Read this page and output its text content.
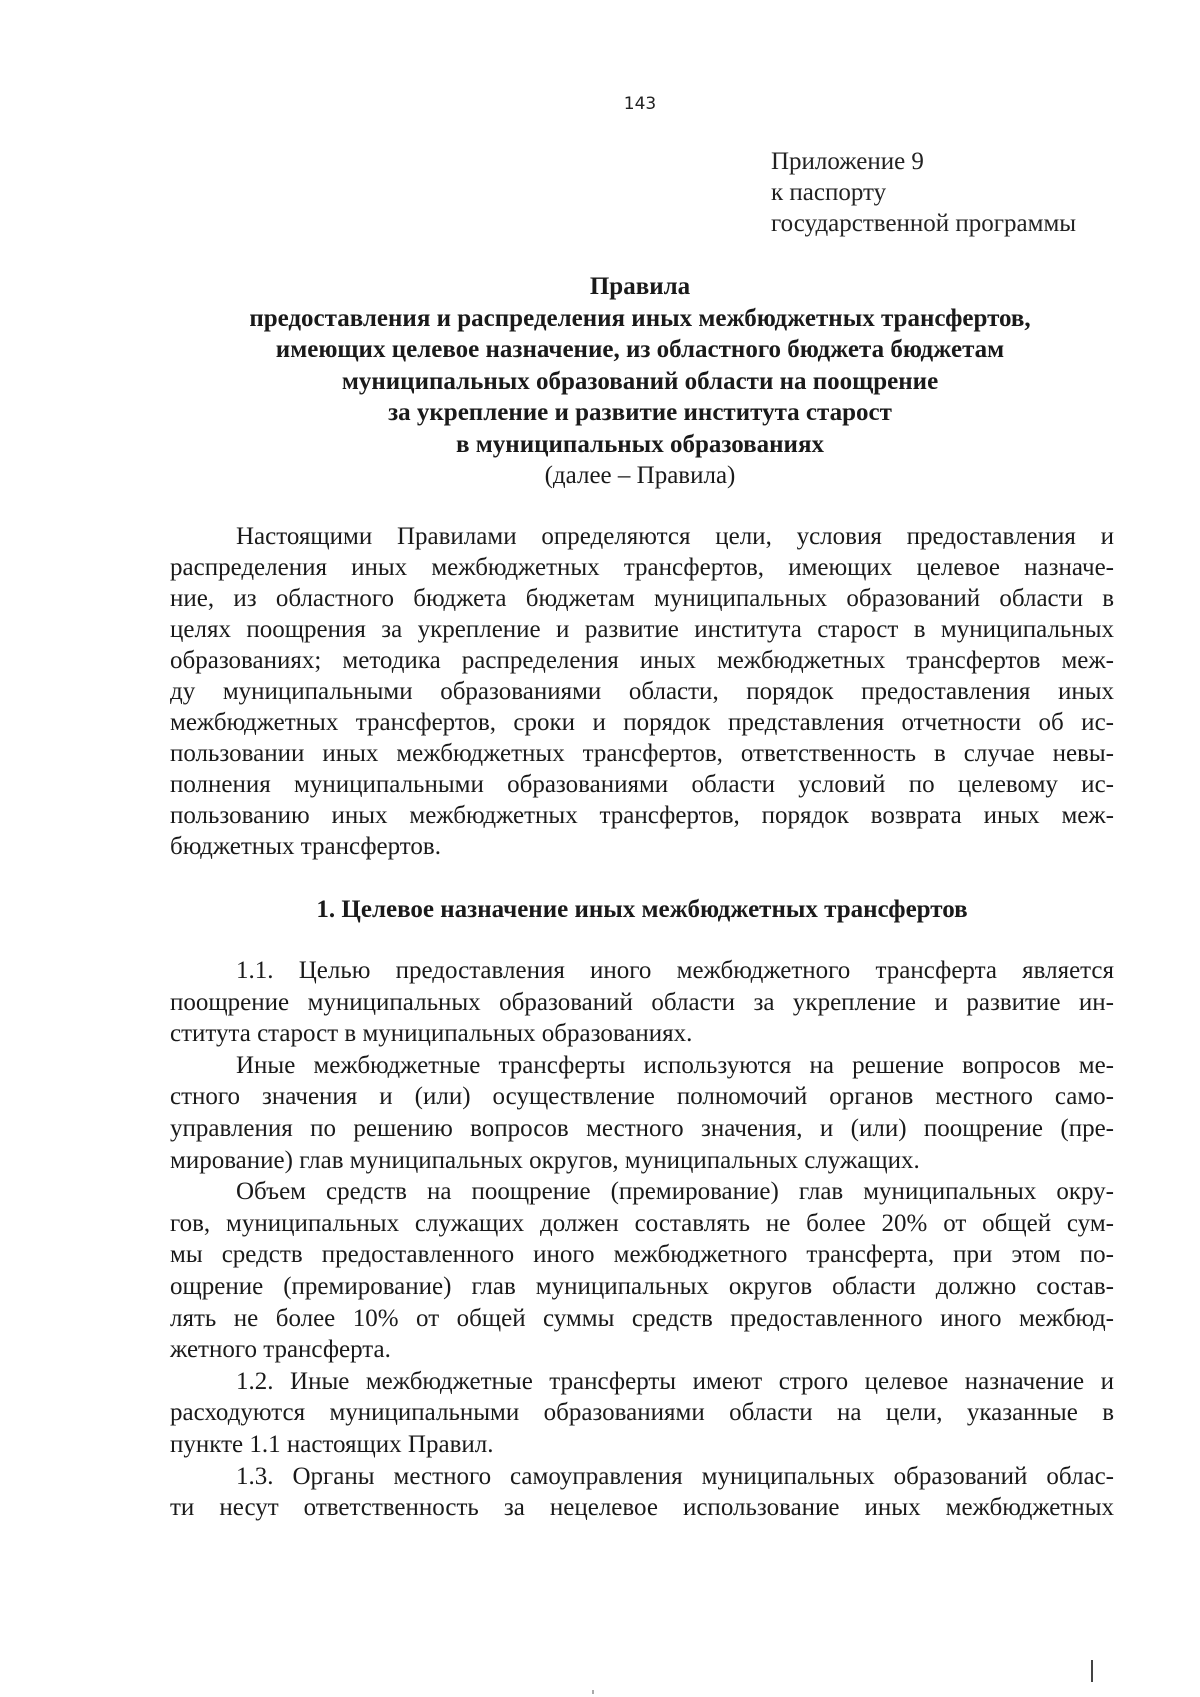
143
Приложение 9
к паспорту
государственной программы
Правила
предоставления и распределения иных межбюджетных трансфертов,
имеющих целевое назначение, из областного бюджета бюджетам
муниципальных образований области на поощрение
за укрепление и развитие института старост
в муниципальных образованиях
(далее – Правила)
Настоящими Правилами определяются цели, условия предоставления и
распределения иных межбюджетных трансфертов, имеющих целевое назначе-
ние, из областного бюджета бюджетам муниципальных образований области в
целях поощрения за укрепление и развитие института старост в муниципальных
образованиях; методика распределения иных межбюджетных трансфертов меж-
ду муниципальными образованиями области, порядок предоставления иных
межбюджетных трансфертов, сроки и порядок представления отчетности об ис-
пользовании иных межбюджетных трансфертов, ответственность в случае невы-
полнения муниципальными образованиями области условий по целевому ис-
пользованию иных межбюджетных трансфертов, порядок возврата иных меж-
бюджетных трансфертов.
1. Целевое назначение иных межбюджетных трансфертов
1.1. Целью предоставления иного межбюджетного трансферта является
поощрение муниципальных образований области за укрепление и развитие ин-
ститута старост в муниципальных образованиях.
Иные межбюджетные трансферты используются на решение вопросов ме-
стного значения и (или) осуществление полномочий органов местного само-
управления по решению вопросов местного значения, и (или) поощрение (пре-
мирование) глав муниципальных округов, муниципальных служащих.
Объем средств на поощрение (премирование) глав муниципальных окру-
гов, муниципальных служащих должен составлять не более 20% от общей сум-
мы средств предоставленного иного межбюджетного трансферта, при этом по-
ощрение (премирование) глав муниципальных округов области должно состав-
лять не более 10% от общей суммы средств предоставленного иного межбюд-
жетного трансферта.
1.2. Иные межбюджетные трансферты имеют строго целевое назначение и
расходуются муниципальными образованиями области на цели, указанные в
пункте 1.1 настоящих Правил.
1.3. Органы местного самоуправления муниципальных образований облас-
ти несут ответственность за нецелевое использование иных межбюджетных
